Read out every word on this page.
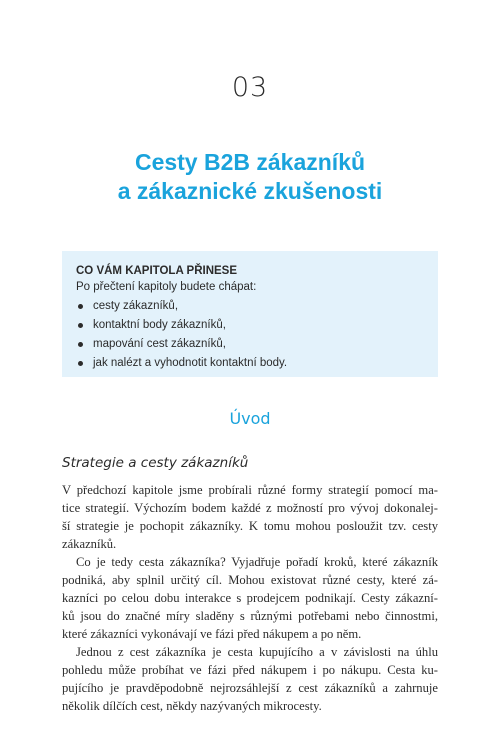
03
Cesty B2B zákazníků
a zákaznické zkušenosti

CO VÁM KAPITOLA PŘINESE

Po přečtení kapitoly budete chápat:

cesty zákazníků,
kontaktní body zákazníků,
mapování cest zákazníků,
jak nalézt a vyhodnotit kontaktní body.
Úvod
Strategie a cesty zákazníků

V předchozí kapitole jsme probírali různé formy strategií pomocí ma-
tice strategií. Výchozím bodem každé z možností pro vývoj dokonalej-
ší strategie je pochopit zákazníky. K tomu mohou posloužit tzv. cesty
zákazníků.

Co je tedy cesta zákazníka? Vyjadřuje pořadí kroků, které zákazník
podniká, aby splnil určitý cíl. Mohou existovat různé cesty, které zá-
kazníci po celou dobu interakce s prodejcem podnikají. Cesty zákazní-
ků jsou do značné míry sladěny s různými potřebami nebo činnostmi,
které zákazníci vykonávají ve fázi před nákupem a po něm.

Jednou z cest zákazníka je cesta kupujícího a v závislosti na úhlu
pohledu může probíhat ve fázi před nákupem i po nákupu. Cesta ku-
pujícího je pravděpodobně nejrozsáhlejší z cest zákazníků a zahrnuje
několik dílčích cest, někdy nazývaných mikrocesty.
